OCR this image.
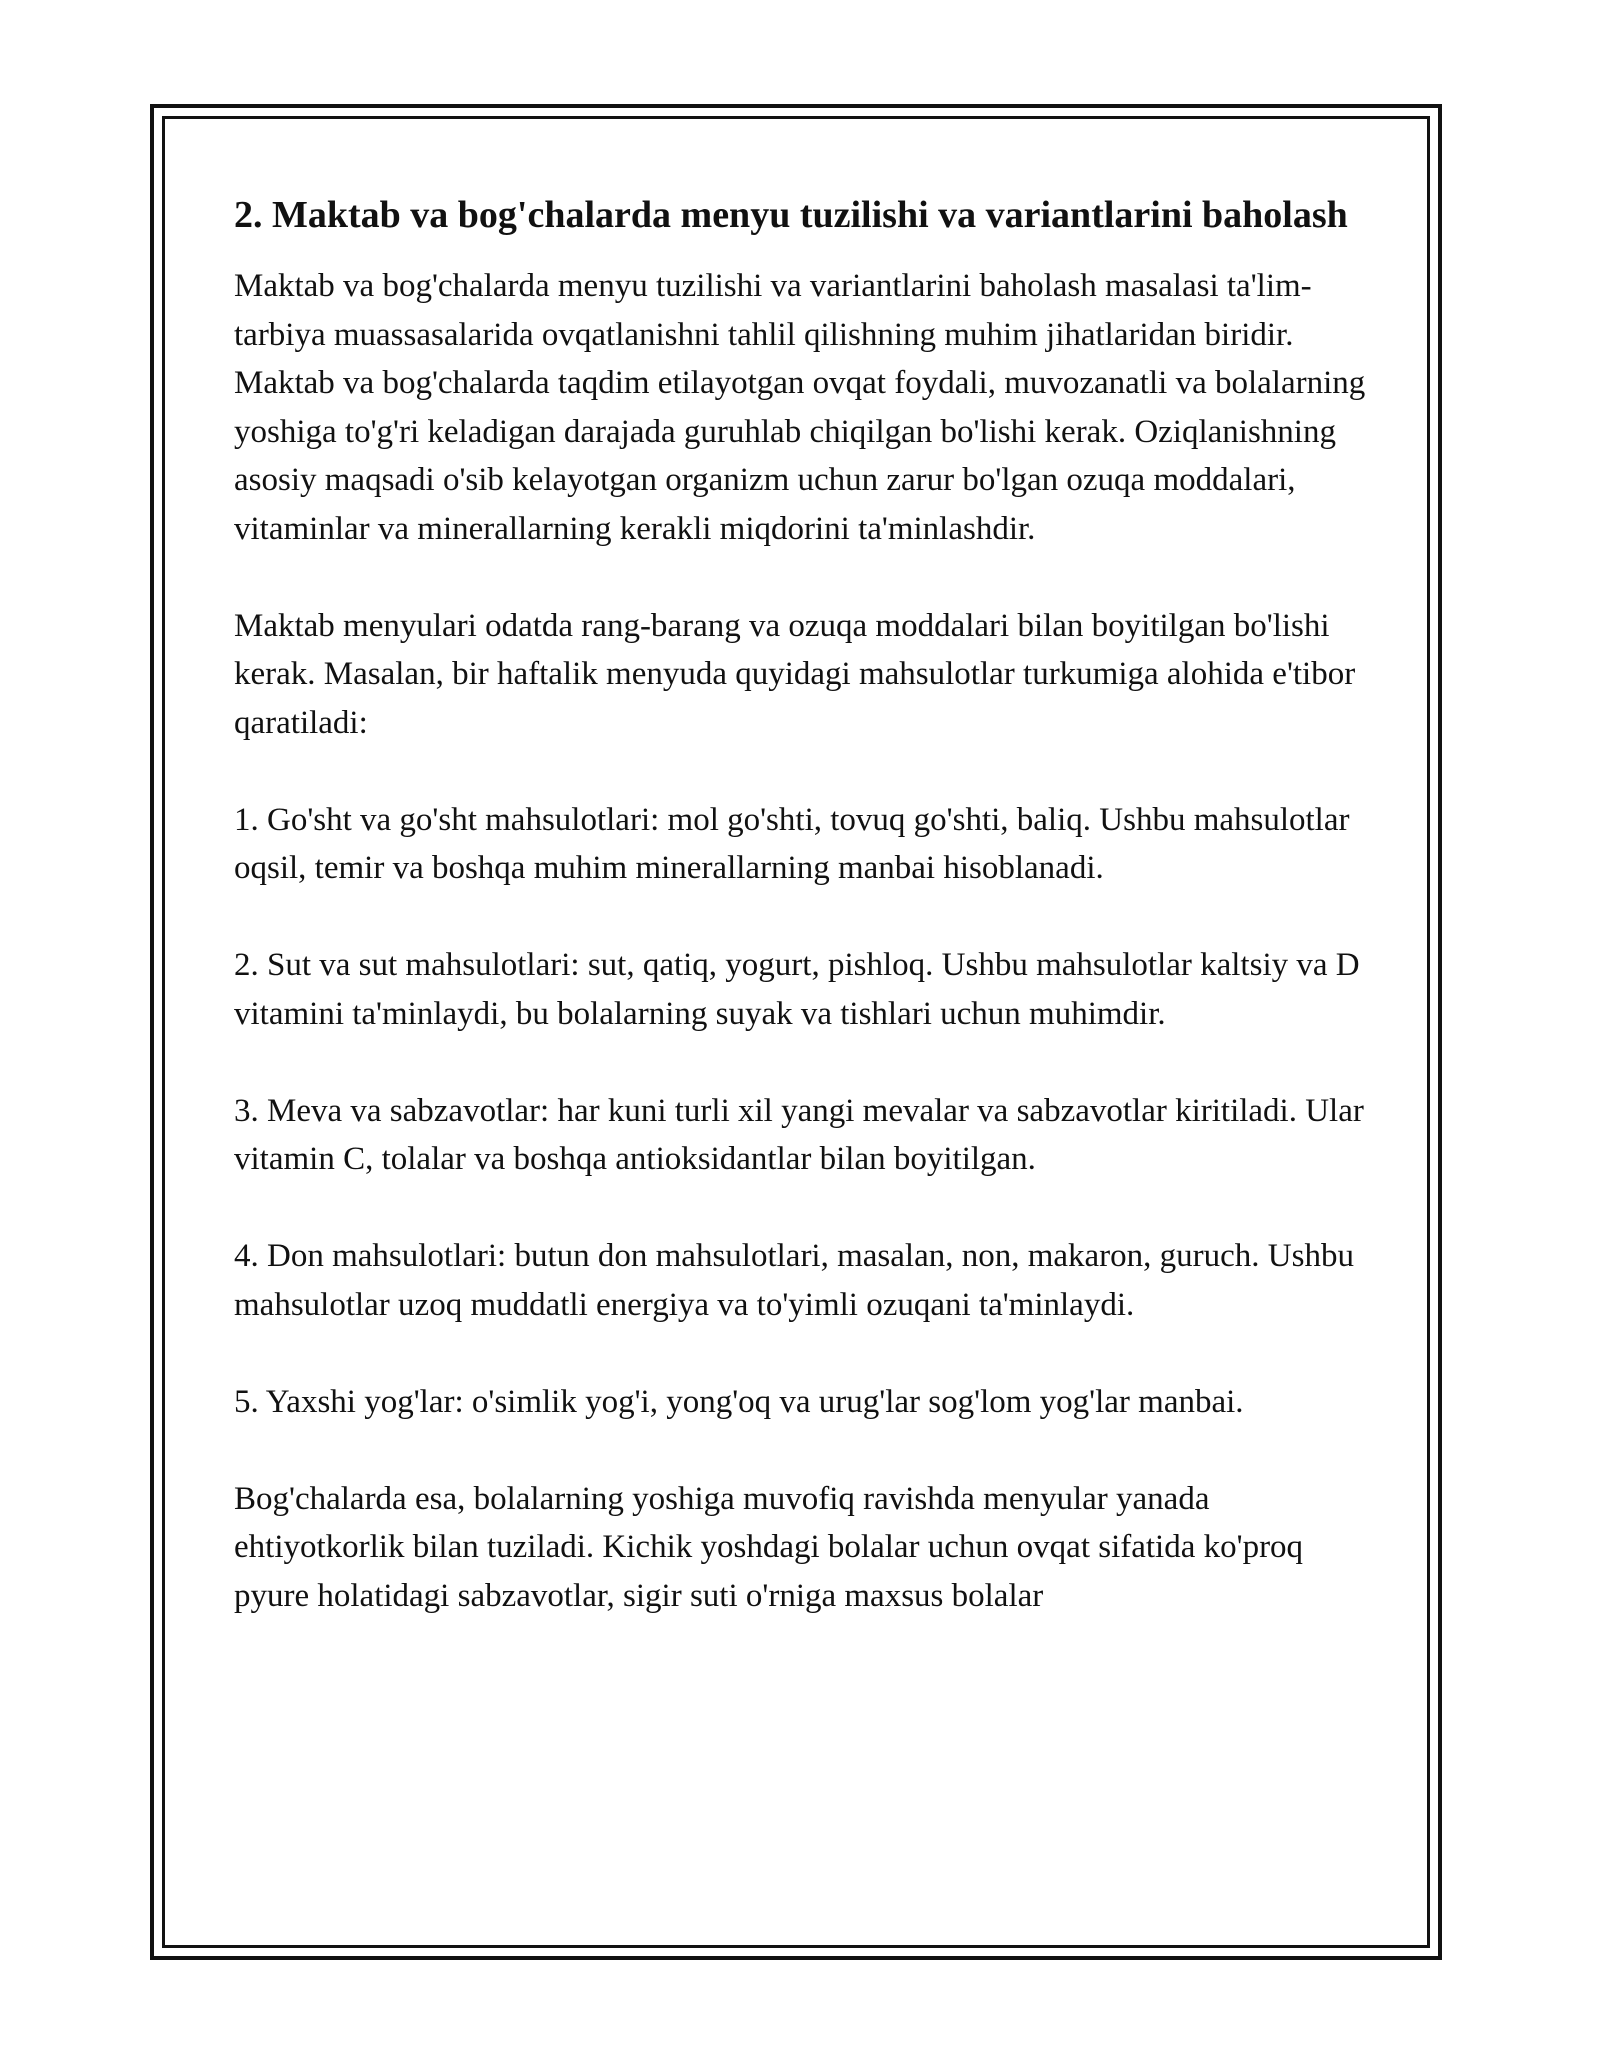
2. Maktab va bog'chalarda menyu tuzilishi va variantlarini baholash

Maktab va bog'chalarda menyu tuzilishi va variantlarini baholash masalasi ta'lim-tarbiya muassasalarida ovqatlanishni tahlil qilishning muhim jihatlaridan biridir. Maktab va bog'chalarda taqdim etilayotgan ovqat foydali, muvozanatli va bolalarning yoshiga to'g'ri keladigan darajada guruhlab chiqilgan bo'lishi kerak. Oziqlanishning asosiy maqsadi o'sib kelayotgan organizm uchun zarur bo'lgan ozuqa moddalari, vitaminlar va minerallarning kerakli miqdorini ta'minlashdir.

Maktab menyulari odatda rang-barang va ozuqa moddalari bilan boyitilgan bo'lishi kerak. Masalan, bir haftalik menyuda quyidagi mahsulotlar turkumiga alohida e'tibor qaratiladi:

1. Go'sht va go'sht mahsulotlari: mol go'shti, tovuq go'shti, baliq. Ushbu mahsulotlar oqsil, temir va boshqa muhim minerallarning manbai hisoblanadi.

2. Sut va sut mahsulotlari: sut, qatiq, yogurt, pishloq. Ushbu mahsulotlar kaltsiy va D vitamini ta'minlaydi, bu bolalarning suyak va tishlari uchun muhimdir.

3. Meva va sabzavotlar: har kuni turli xil yangi mevalar va sabzavotlar kiritiladi. Ular vitamin C, tolalar va boshqa antioksidantlar bilan boyitilgan.

4. Don mahsulotlari: butun don mahsulotlari, masalan, non, makaron, guruch. Ushbu mahsulotlar uzoq muddatli energiya va to'yimli ozuqani ta'minlaydi.

5. Yaxshi yog'lar: o'simlik yog'i, yong'oq va urug'lar sog'lom yog'lar manbai.

Bog'chalarda esa, bolalarning yoshiga muvofiq ravishda menyular yanada ehtiyotkorlik bilan tuziladi. Kichik yoshdagi bolalar uchun ovqat sifatida ko'proq pyure holatidagi sabzavotlar, sigir suti o'rniga maxsus bolalar
